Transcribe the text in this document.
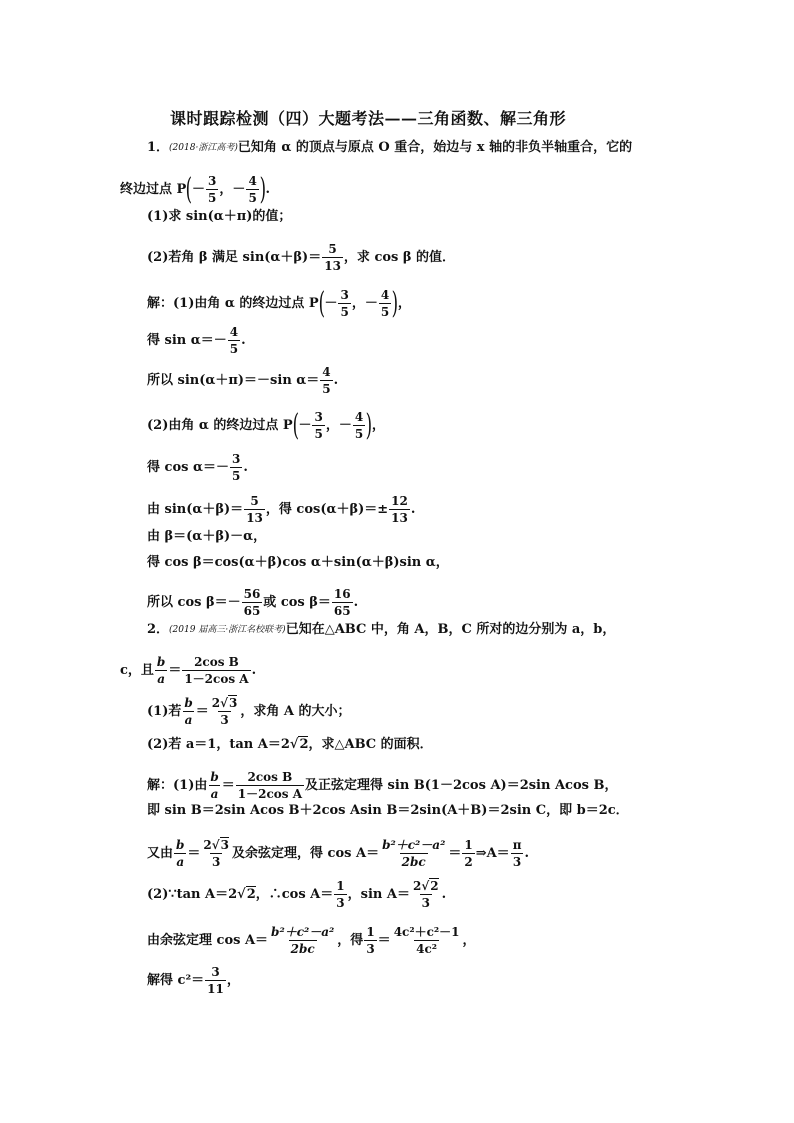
课时跟踪检测（四）大题考法——三角函数、解三角形
1． (2018·浙江高考) 已知角 α 的顶点与原点 O 重合，始边与 x 轴的非负半轴重合，它的
终边过点 P ( －
3
5
， －
4
5 ) .
(1)求 sin(α＋π)的值；
(2)若角 β 满足 sin(α＋β)＝
5
13
，求 cos β 的值．
解：(1)由角 α 的终边过点 P ( －
3
5
， －
4
5 ) ，
得 sin α＝－
4
5
.
所以 sin(α＋π)＝－sin α＝
4
5
.
(2)由角 α 的终边过点 P ( －
3
5
， －
4
5 ) ，
得 cos α＝－
3
5
.
由 sin(α＋β)＝
5
13
，得 $\cos(\alpha+\beta)=\pm \frac{12}{13}$ .
由 β＝(α＋β)－α，
得 cos β＝cos(α＋β)cos α＋sin(α＋β)sin α，
所以 cos β＝－
56
65
或 cos β＝
16
65
.
2． (2019 届高三·浙江名校联考) 已知在△ABC 中，角 A，B，C 所对的边分别为 a，b，
c，且
b
a
＝
2cos B
1－2cos A
.
(1)若
b
a
＝
2√3
3
，求角 A 的大小；
(2)若 a＝1，tan A＝2 √ 2 ，求△ABC 的面积．
解：(1)由
b
a
＝
2cos B
1－2cos A
及正弦定理得 sin B(1－2cos A)＝2sin Acos B，
即 sin B＝2sin Acos B＋2cos Asin B＝2sin(A＋B)＝2sin C，即 b＝2c．
又由
b
a
＝
2√3
3
及余弦定理，得 cos A＝
b²＋c²－a²
2bc
＝
1
2
⇒A＝
π
3
.
(2)∵tan A＝2 √ 2 ，∴cos A＝
1
3
，sin A＝
2√2
3
.
由余弦定理 cos A＝
b²＋c²－a²
2bc
，得
1
3
＝
4c²＋c²－1
4c²
，
解得 c²＝
3
11
，
